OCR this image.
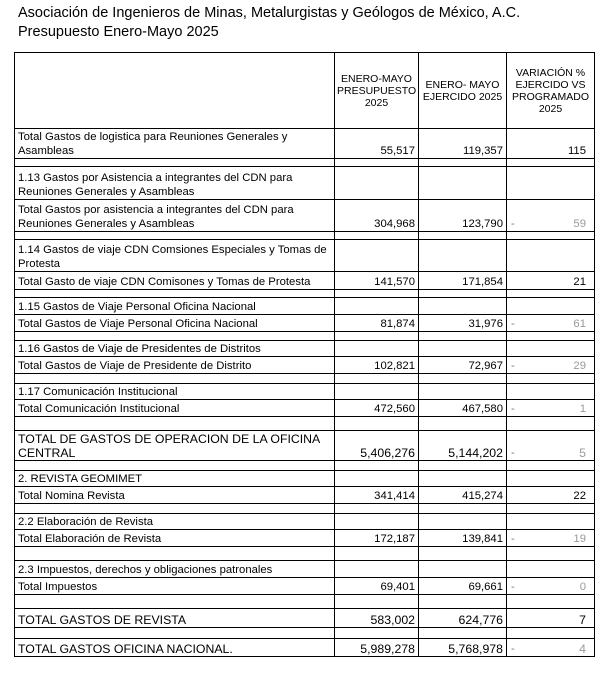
Asociación de Ingenieros de Minas, Metalurgistas y Geólogos de México, A.C.
Presupuesto Enero-Mayo 2025
	ENERO-MAYO PRESUPUESTO 2025	ENERO- MAYO EJERCIDO 2025	VARIACIÓN % EJERCIDO VS PROGRAMADO 2025
Total Gastos de logistica para Reuniones Generales y Asambleas	55,517	119,357	115

1.13 Gastos por Asistencia a integrantes del CDN para Reuniones Generales y Asambleas			
Total Gastos por asistencia a integrantes del CDN para Reuniones Generales y Asambleas	304,968	123,790	- 59

1.14 Gastos de viaje CDN Comsiones Especiales y Tomas de Protesta			
Total Gasto de viaje CDN Comisones y Tomas de Protesta	141,570	171,854	21

1.15 Gastos de Viaje Personal Oficina Nacional			
Total Gastos de Viaje Personal Oficina Nacional	81,874	31,976	- 61

1.16 Gastos de Viaje de Presidentes de Distritos			
Total Gastos de Viaje de Presidente de Distrito	102,821	72,967	- 29

1.17 Comunicación Institucional			
Total Comunicación Institucional	472,560	467,580	- 1

TOTAL DE GASTOS DE OPERACION DE LA OFICINA CENTRAL	5,406,276	5,144,202	- 5

2. REVISTA GEOMIMET			
Total Nomina Revista	341,414	415,274	22

2.2 Elaboración de Revista			
Total Elaboración de Revista	172,187	139,841	- 19

2.3 Impuestos, derechos y obligaciones patronales			
Total Impuestos	69,401	69,661	- 0

TOTAL GASTOS DE REVISTA	583,002	624,776	7

TOTAL GASTOS OFICINA NACIONAL.	5,989,278	5,768,978	- 4
